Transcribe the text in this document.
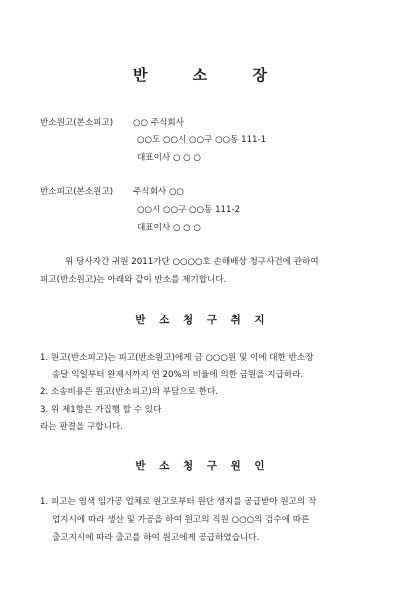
반 소 장
반소원고(본소피고) ○○ 주식회사
○○도 ○○시 ○○구 ○○동 111-1
대표이사 ○ ○ ○
반소피고(본소원고) 주식회사 ○○
○○시 ○○구 ○○동 111-2
대표이사 ○ ○ ○
위 당사자간 귀원 2011가단 ○○○○호 손해배상 청구사건에 관하여
피고(반소원고)는 아래와 같이 반소를 제기합니다.
반 소 청 구 취 지
1. 원고(반소피고)는 피고(반소원고)에게 금 ○○○원 및 이에 대한 반소장
송달 익일부터 완제시까지 연 20%의 비율에 의한 금원을 지급하라.
2. 소송비용은 원고(반소피고)의 부담으로 한다.
3. 위 제1항은 가집행 할 수 있다
라는 판결을 구합니다.
반 소 청 구 원 인
1. 피고는 염색 임가공 업체로 원고로부터 원단 생지를 공급받아 원고의 작
업지시에 따라 생산 및 가공을 하여 원고의 직원 ○○○의 검수에 따른
출고지시에 따라 출고를 하여 원고에게 공급하였습니다.
